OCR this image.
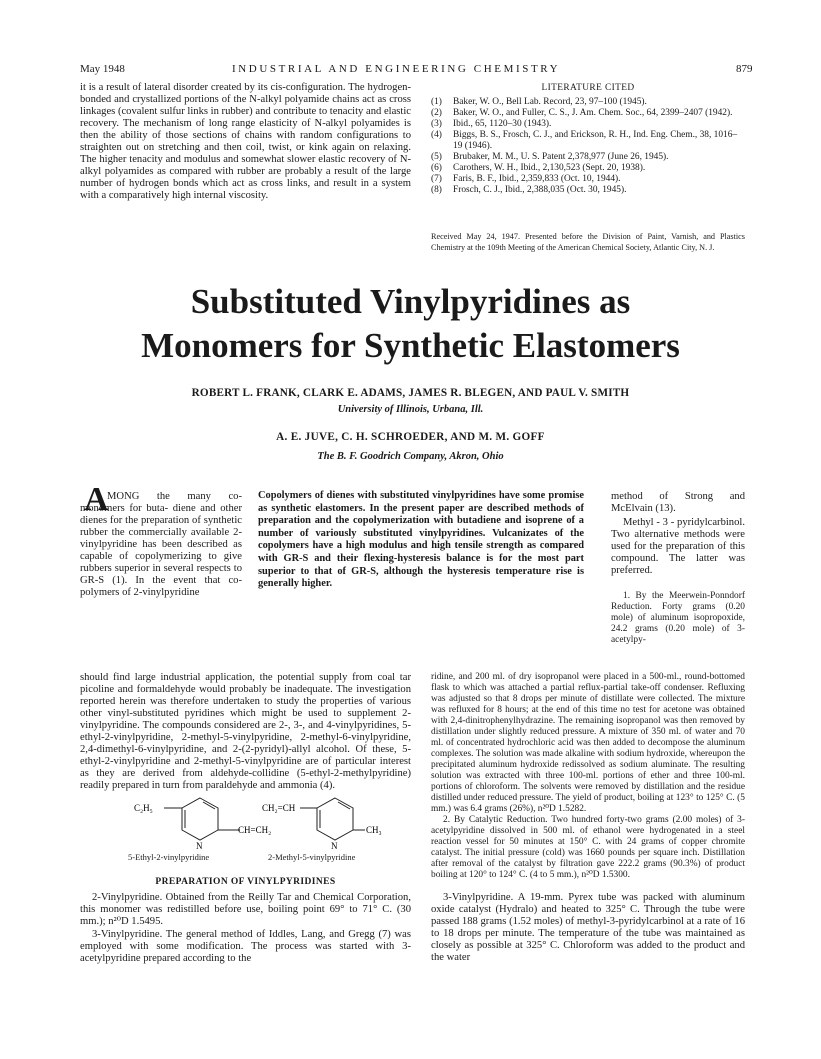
May 1948	INDUSTRIAL AND ENGINEERING CHEMISTRY	879

it is a result of lateral disorder created by its cis-configuration. The hydrogen-bonded and crystallized portions of the N-alkyl polyamide chains act as cross linkages (covalent sulfur links in rubber) and contribute to tenacity and elastic recovery. The mechanism of long range elasticity of N-alkyl polyamides is then the ability of those sections of chains with random configurations to straighten out on stretching and then coil, twist, or kink again on relaxing. The higher tenacity and modulus and somewhat slower elastic recovery of N-alkyl polyamides as compared with rubber are probably a result of the large number of hydrogen bonds which act as cross links, and result in a system with a comparatively high internal viscosity.

LITERATURE CITED
(1) Baker, W. O., Bell Lab. Record, 23, 97–100 (1945).
(2) Baker, W. O., and Fuller, C. S., J. Am. Chem. Soc., 64, 2399–2407 (1942).
(3) Ibid., 65, 1120–30 (1943).
(4) Biggs, B. S., Frosch, C. J., and Erickson, R. H., Ind. Eng. Chem., 38, 1016–19 (1946).
(5) Brubaker, M. M., U. S. Patent 2,378,977 (June 26, 1945).
(6) Carothers, W. H., Ibid., 2,130,523 (Sept. 20, 1938).
(7) Faris, B. F., Ibid., 2,359,833 (Oct. 10, 1944).
(8) Frosch, C. J., Ibid., 2,388,035 (Oct. 30, 1945).

Received May 24, 1947. Presented before the Division of Paint, Varnish, and Plastics Chemistry at the 109th Meeting of the American Chemical Society, Atlantic City, N. J.

Substituted Vinylpyridines as
Monomers for Synthetic Elastomers
ROBERT L. FRANK, CLARK E. ADAMS, JAMES R. BLEGEN, AND PAUL V. SMITH
University of Illinois, Urbana, Ill.
A. E. JUVE, C. H. SCHROEDER, AND M. M. GOFF
The B. F. Goodrich Company, Akron, Ohio
A

MONG the many co- monomers for buta- diene and other dienes for the preparation of synthetic rubber the commercially available 2-vinylpyridine has been described as capable of copolymerizing to give rubbers superior in several respects to GR-S (1). In the event that co- polymers of 2-vinylpyridine

Copolymers of dienes with substituted vinylpyridines have some promise as synthetic elastomers. In the present paper are described methods of preparation and the copolymerization with butadiene and isoprene of a number of variously substituted vinylpyridines. Vulcanizates of the copolymers have a high modulus and high tensile strength as compared with GR-S and their flexing-hysteresis balance is for the most part superior to that of GR-S, although the hysteresis temperature rise is generally higher.

should find large industrial application, the potential supply from coal tar picoline and formaldehyde would probably be inadequate. The investigation reported herein was therefore undertaken to study the properties of various other vinyl-substituted pyridines which might be used to supplement 2-vinylpyridine. The compounds considered are 2-, 3-, and 4-vinylpyridines, 5-ethyl-2-vinylpyridine, 2-methyl-5-vinylpyridine, 2-methyl-6-vinylpyridine, 2,4-dimethyl-6-vinylpyridine, and 2-(2-pyridyl)-allyl alcohol. Of these, 5-ethyl-2-vinylpyridine and 2-methyl-5-vinylpyridine are of particular interest as they are derived from aldehyde-collidine (5-ethyl-2-methylpyridine) readily prepared in turn from paraldehyde and ammonia (4).

C₂H₅
CH=CH₂
N
CH₂=CH
CH₃
N
5-Ethyl-2-vinylpyridine	2-Methyl-5-vinylpyridine
PREPARATION OF VINYLPYRIDINES

2-Vinylpyridine. Obtained from the Reilly Tar and Chemical Corporation, this monomer was redistilled before use, boiling point 69° to 71° C. (30 mm.); n²⁰D 1.5495.

3-Vinylpyridine. The general method of Iddles, Lang, and Gregg (7) was employed with some modification. The process was started with 3-acetylpyridine prepared according to the

method of Strong and McElvain (13).

Methyl - 3 - pyridylcarbinol. Two alternative methods were used for the preparation of this compound. The latter was preferred.

1. By the Meerwein-Ponndorf Reduction. Forty grams (0.20 mole) of aluminum isopropoxide, 24.2 grams (0.20 mole) of 3-acetylpy-

ridine, and 200 ml. of dry isopropanol were placed in a 500-ml., round-bottomed flask to which was attached a partial reflux-partial take-off condenser. Refluxing was adjusted so that 8 drops per minute of distillate were collected. The mixture was refluxed for 8 hours; at the end of this time no test for acetone was obtained with 2,4-dinitrophenylhydrazine. The remaining isopropanol was then removed by distillation under slightly reduced pressure. A mixture of 350 ml. of water and 70 ml. of concentrated hydrochloric acid was then added to decompose the aluminum complexes. The solution was made alkaline with sodium hydroxide, whereupon the precipitated aluminum hydroxide redissolved as sodium aluminate. The resulting solution was extracted with three 100-ml. portions of ether and three 100-ml. portions of chloroform. The solvents were removed by distillation and the residue distilled under reduced pressure. The yield of product, boiling at 123° to 125° C. (5 mm.) was 6.4 grams (26%), n²⁰D 1.5282.

2. By Catalytic Reduction. Two hundred forty-two grams (2.00 moles) of 3-acetylpyridine dissolved in 500 ml. of ethanol were hydrogenated in a steel reaction vessel for 50 minutes at 150° C. with 24 grams of copper chromite catalyst. The initial pressure (cold) was 1660 pounds per square inch. Distillation after removal of the catalyst by filtration gave 222.2 grams (90.3%) of product boiling at 120° to 124° C. (4 to 5 mm.), n²⁰D 1.5300.

3-Vinylpyridine. A 19-mm. Pyrex tube was packed with aluminum oxide catalyst (Hydralo) and heated to 325° C. Through the tube were passed 188 grams (1.52 moles) of methyl-3-pyridylcarbinol at a rate of 16 to 18 drops per minute. The temperature of the tube was maintained as closely as possible at 325° C. Chloroform was added to the product and the water
